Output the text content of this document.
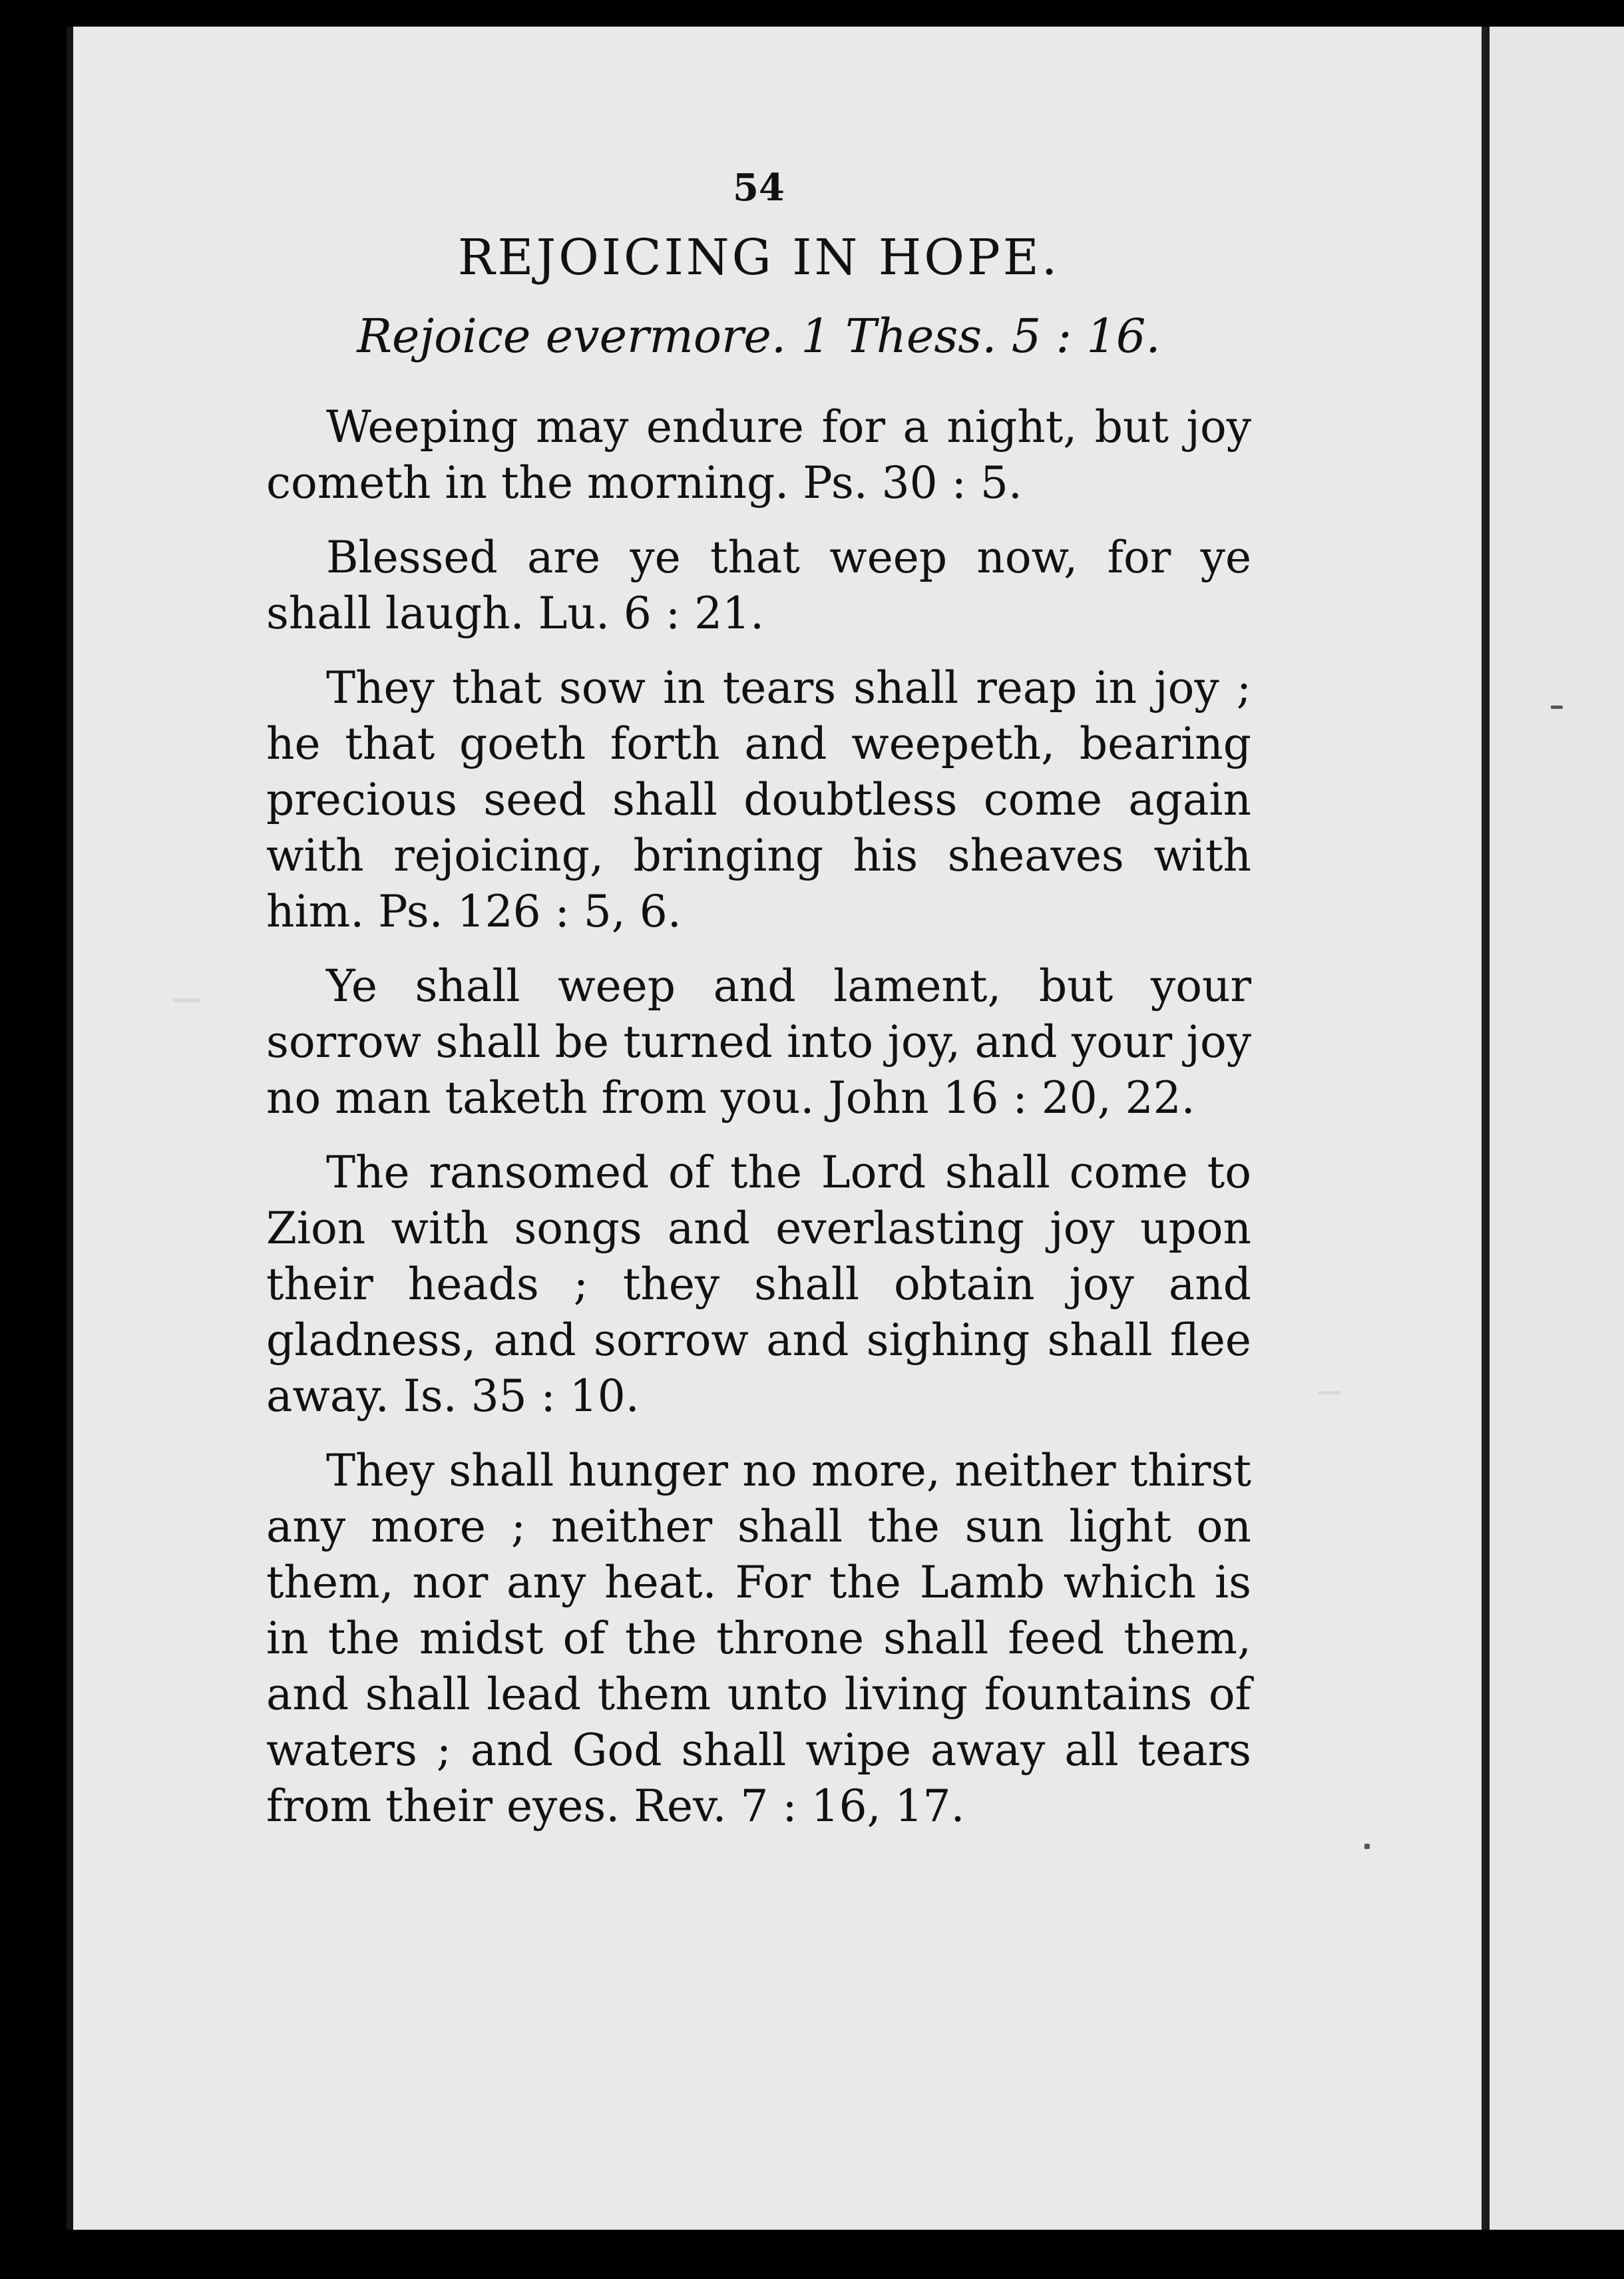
54

REJOICING IN HOPE.

Rejoice evermore. 1 Thess. 5 : 16.

Weeping may endure for a night, but joy cometh in the morning. Ps. 30 : 5.

Blessed are ye that weep now, for ye shall laugh. Lu. 6 : 21.

They that sow in tears shall reap in joy ; he that goeth forth and weepeth, bearing precious seed shall doubtless come again with rejoicing, bringing his sheaves with him. Ps. 126 : 5, 6.

Ye shall weep and lament, but your sorrow shall be turned into joy, and your joy no man taketh from you. John 16 : 20, 22.

The ransomed of the Lord shall come to Zion with songs and everlasting joy upon their heads ; they shall obtain joy and gladness, and sorrow and sighing shall flee away. Is. 35 : 10.

They shall hunger no more, neither thirst any more ; neither shall the sun light on them, nor any heat. For the Lamb which is in the midst of the throne shall feed them, and shall lead them unto living fountains of waters ; and God shall wipe away all tears from their eyes. Rev. 7 : 16, 17.
